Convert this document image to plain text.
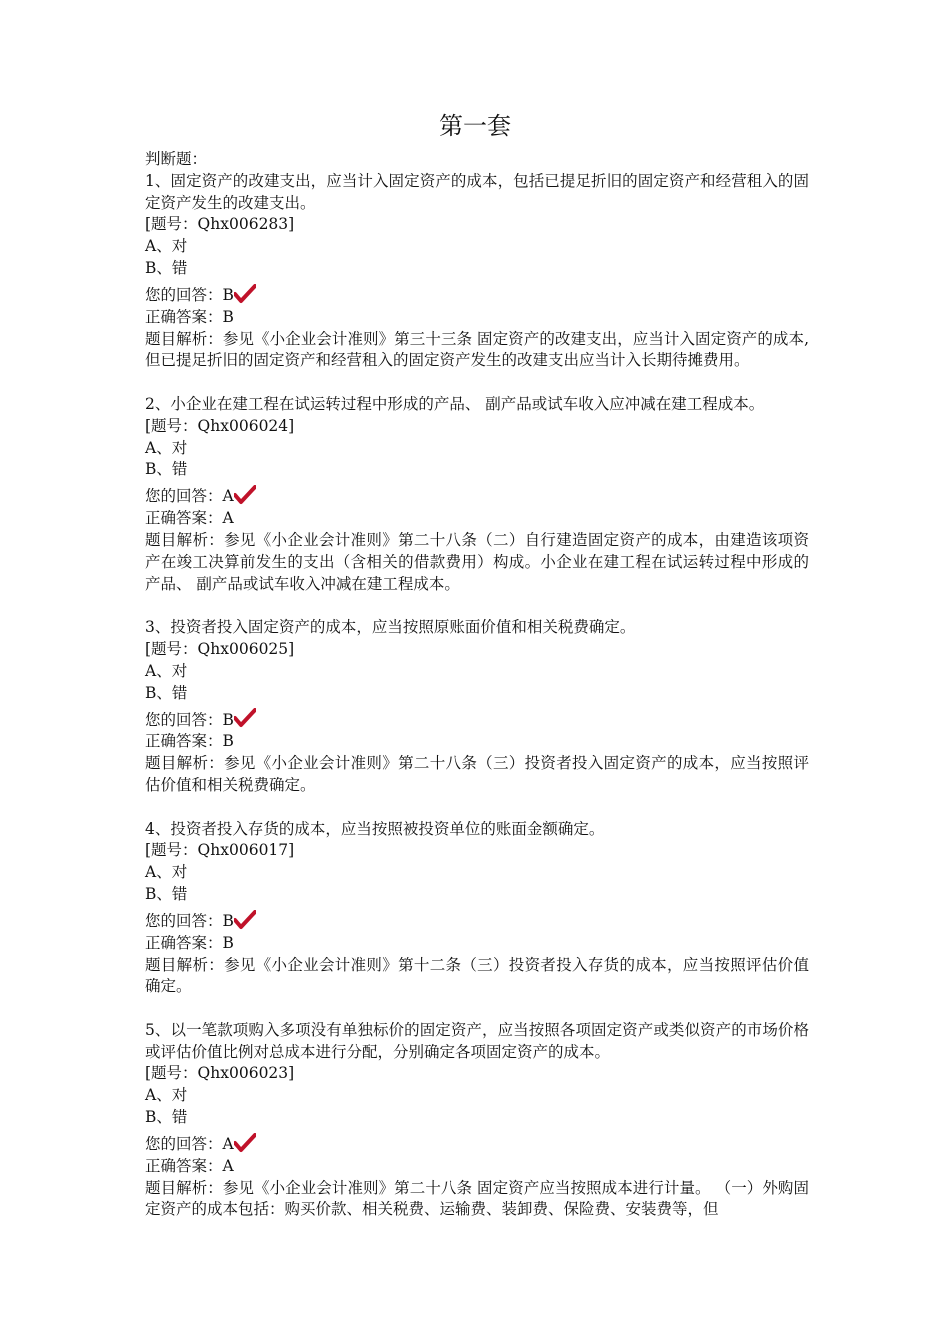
第一套
判断题：
1、固定资产的改建支出，应当计入固定资产的成本，包括已提足折旧的固定资产和经营租入的固定资产发生的改建支出。
[题号：Qhx006283]
A、对
B、错
您的回答：B
正确答案：B
题目解析：参见《小企业会计准则》第三十三条 固定资产的改建支出，应当计入固定资产的成本,但已提足折旧的固定资产和经营租入的固定资产发生的改建支出应当计入长期待摊费用。
2、小企业在建工程在试运转过程中形成的产品、 副产品或试车收入应冲减在建工程成本。
[题号：Qhx006024]
A、对
B、错
您的回答：A
正确答案：A
题目解析：参见《小企业会计准则》第二十八条（二）自行建造固定资产的成本，由建造该项资产在竣工决算前发生的支出（含相关的借款费用）构成。小企业在建工程在试运转过程中形成的产品、 副产品或试车收入冲减在建工程成本。
3、投资者投入固定资产的成本，应当按照原账面价值和相关税费确定。
[题号：Qhx006025]
A、对
B、错
您的回答：B
正确答案：B
题目解析：参见《小企业会计准则》第二十八条（三）投资者投入固定资产的成本，应当按照评估价值和相关税费确定。
4、投资者投入存货的成本，应当按照被投资单位的账面金额确定。
[题号：Qhx006017]
A、对
B、错
您的回答：B
正确答案：B
题目解析：参见《小企业会计准则》第十二条（三）投资者投入存货的成本，应当按照评估价值确定。
5、以一笔款项购入多项没有单独标价的固定资产，应当按照各项固定资产或类似资产的市场价格或评估价值比例对总成本进行分配，分别确定各项固定资产的成本。
[题号：Qhx006023]
A、对
B、错
您的回答：A
正确答案：A
题目解析：参见《小企业会计准则》第二十八条 固定资产应当按照成本进行计量。 （一）外购固定资产的成本包括：购买价款、相关税费、运输费、装卸费、保险费、安装费等，但
